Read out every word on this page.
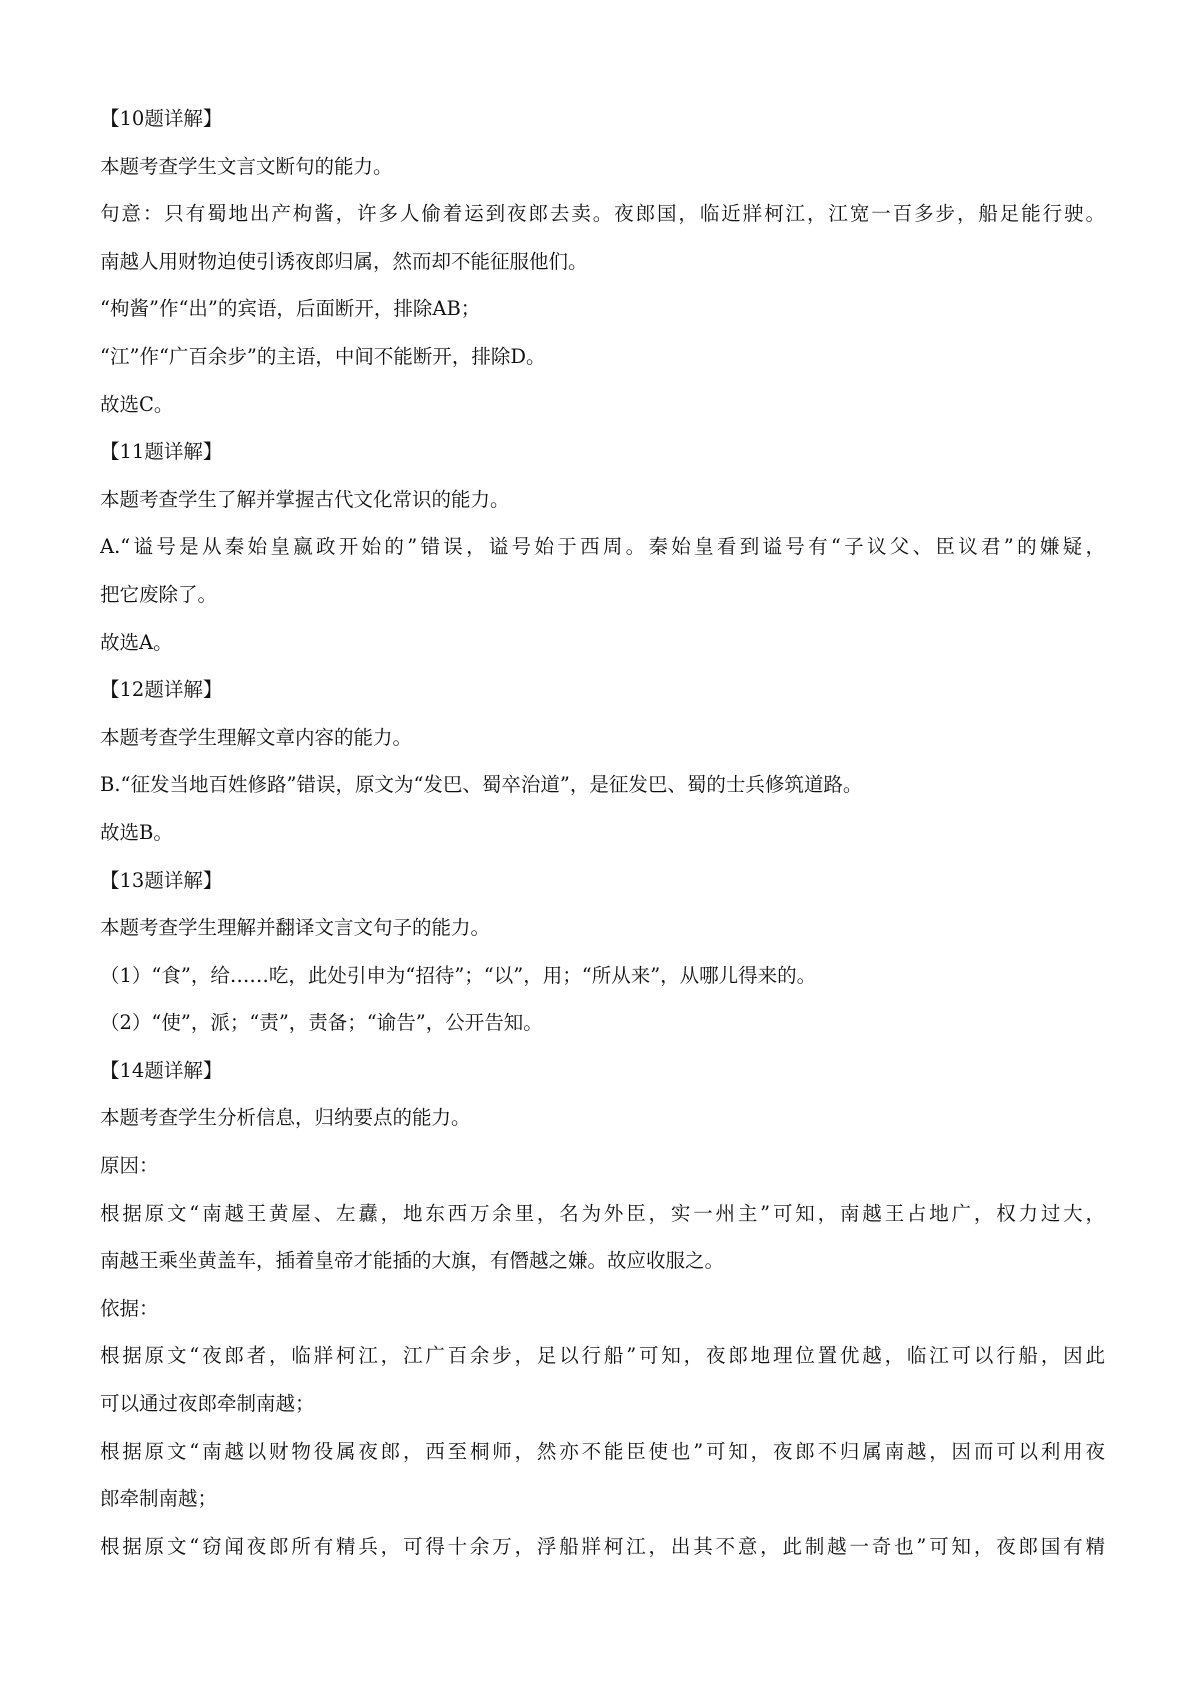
【10题详解】
本题考查学生文言文断句的能力。
句意：只有蜀地出产枸酱，许多人偷着运到夜郎去卖。夜郎国，临近牂柯江，江宽一百多步，船足能行驶。
南越人用财物迫使引诱夜郎归属，然而却不能征服他们。
“枸酱”作“出”的宾语，后面断开，排除AB；
“江”作“广百余步”的主语，中间不能断开，排除D。
故选C。
【11题详解】
本题考查学生了解并掌握古代文化常识的能力。
A.“谥号是从秦始皇嬴政开始的”错误，谥号始于西周。秦始皇看到谥号有“子议父、臣议君”的嫌疑，
把它废除了。
故选A。
【12题详解】
本题考查学生理解文章内容的能力。
B.“征发当地百姓修路”错误，原文为“发巴、蜀卒治道”，是征发巴、蜀的士兵修筑道路。
故选B。
【13题详解】
本题考查学生理解并翻译文言文句子的能力。
（1）“食”，给……吃，此处引申为“招待”；“以”，用；“所从来”，从哪儿得来的。
（2）“使”，派；“责”，责备；“谕告”，公开告知。
【14题详解】
本题考查学生分析信息，归纳要点的能力。
原因：
根据原文“南越王黄屋、左纛，地东西万余里，名为外臣，实一州主”可知，南越王占地广，权力过大，
南越王乘坐黄盖车，插着皇帝才能插的大旗，有僭越之嫌。故应收服之。
依据：
根据原文“夜郎者，临牂柯江，江广百余步，足以行船”可知，夜郎地理位置优越，临江可以行船，因此
可以通过夜郎牵制南越；
根据原文“南越以财物役属夜郎，西至桐师，然亦不能臣使也”可知，夜郎不归属南越，因而可以利用夜
郎牵制南越；
根据原文“窃闻夜郎所有精兵，可得十余万，浮船牂柯江，出其不意，此制越一奇也”可知，夜郎国有精
